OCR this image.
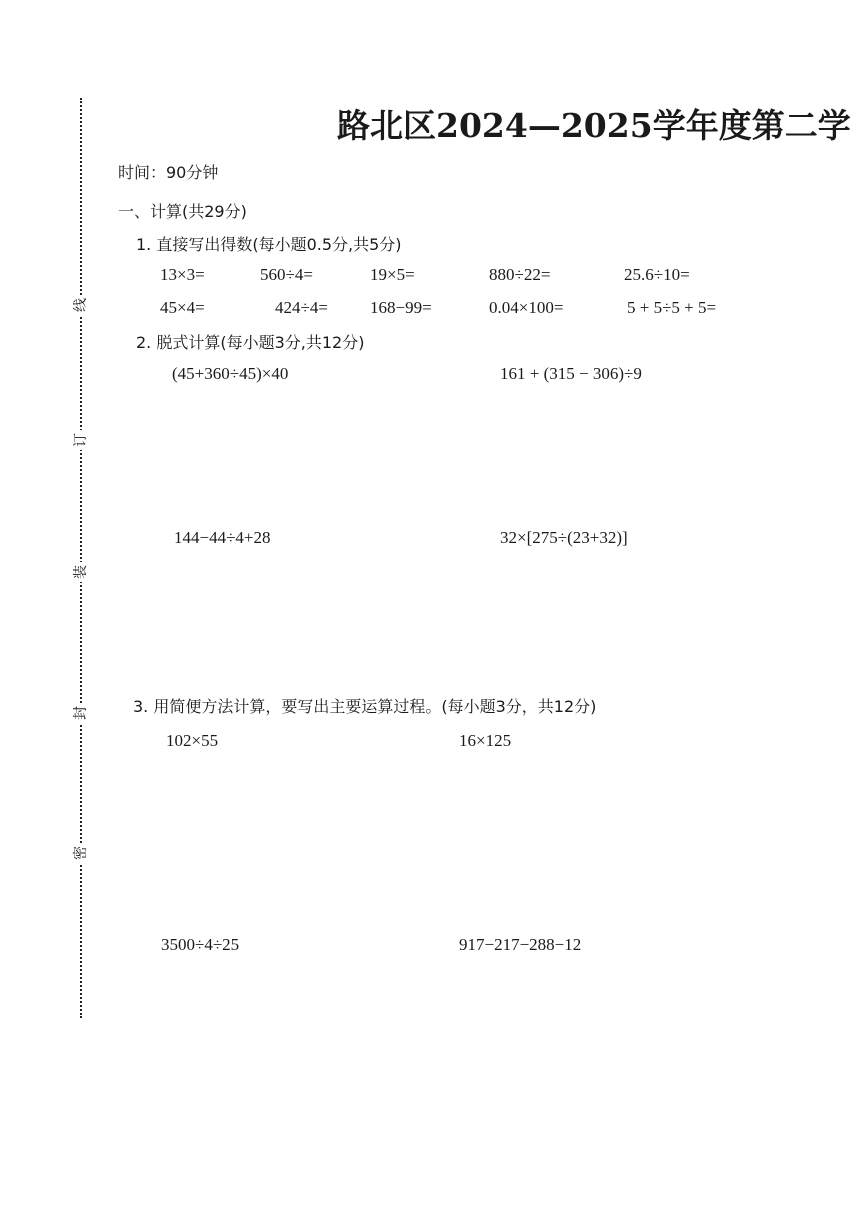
线
订
装
封
密
路北区2024—2025学年度第二学
时间：90分钟
一、计算(共29分)
1. 直接写出得数(每小题0.5分,共5分)
13×3=	560÷4=	19×5=	880÷22=	25.6÷10=
45×4=	424÷4= 168−99=	0.04×100=	5 + 5÷5 + 5=
2. 脱式计算(每小题3分,共12分)
(45+360÷45)×40	161 + (315 − 306)÷9
144−44÷4+28	32×[275÷(23+32)]
3. 用简便方法计算，要写出主要运算过程。(每小题3分，共12分)
102×55	16×125
3500÷4÷25	917−217−288−12
